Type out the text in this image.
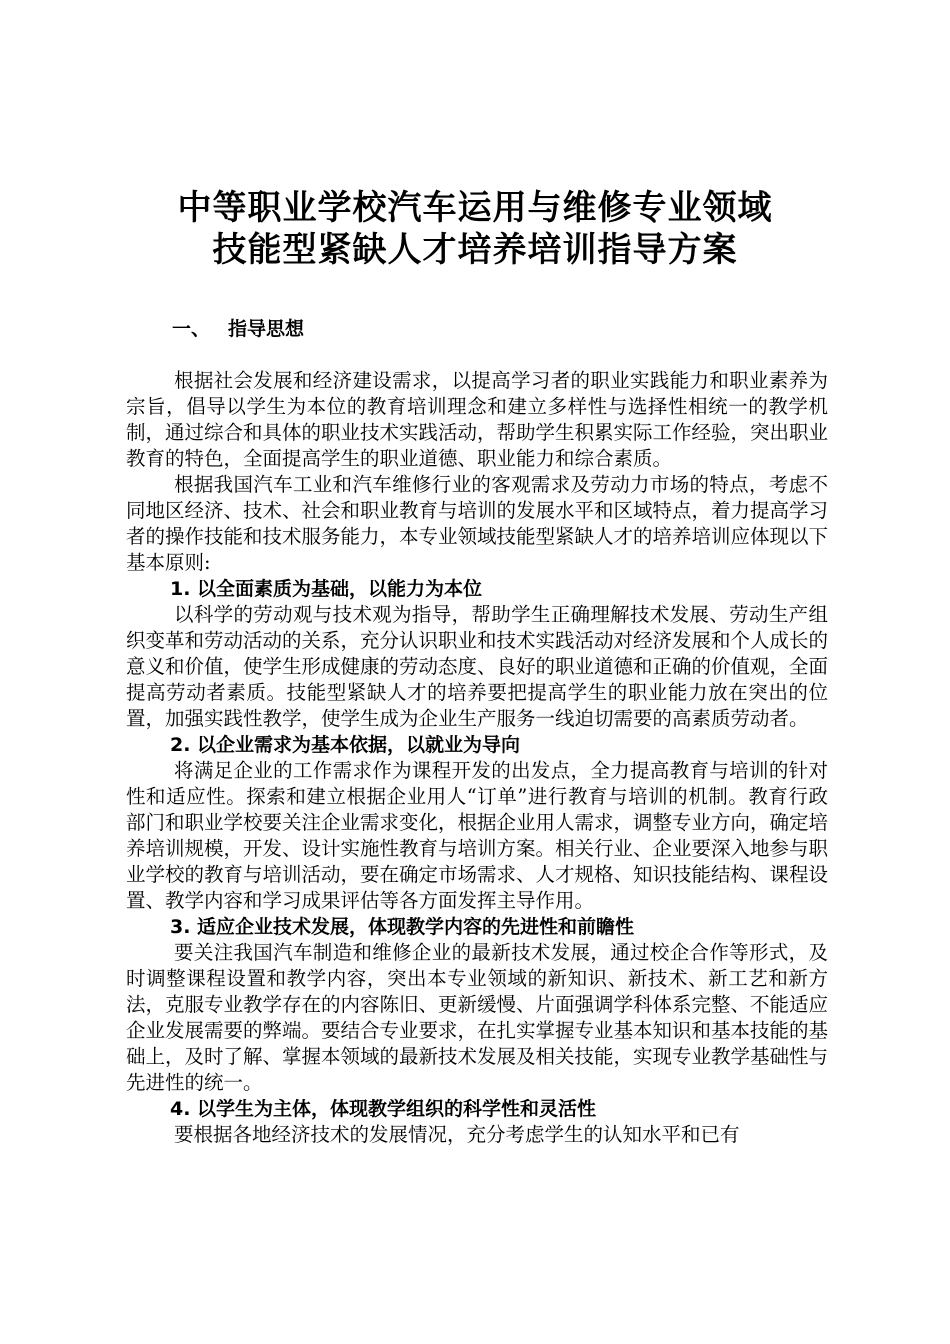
中等职业学校汽车运用与维修专业领域
技能型紧缺人才培养培训指导方案
一、 指导思想

根据社会发展和经济建设需求，以提高学习者的职业实践能力和职业素养为宗旨，倡导以学生为本位的教育培训理念和建立多样性与选择性相统一的教学机制，通过综合和具体的职业技术实践活动，帮助学生积累实际工作经验，突出职业教育的特色，全面提高学生的职业道德、职业能力和综合素质。

根据我国汽车工业和汽车维修行业的客观需求及劳动力市场的特点，考虑不同地区经济、技术、社会和职业教育与培训的发展水平和区域特点，着力提高学习者的操作技能和技术服务能力，本专业领域技能型紧缺人才的培养培训应体现以下基本原则:

1. 以全面素质为基础，以能力为本位

以科学的劳动观与技术观为指导，帮助学生正确理解技术发展、劳动生产组织变革和劳动活动的关系，充分认识职业和技术实践活动对经济发展和个人成长的意义和价值，使学生形成健康的劳动态度、良好的职业道德和正确的价值观，全面提高劳动者素质。技能型紧缺人才的培养要把提高学生的职业能力放在突出的位置，加强实践性教学，使学生成为企业生产服务一线迫切需要的高素质劳动者。

2. 以企业需求为基本依据，以就业为导向

将满足企业的工作需求作为课程开发的出发点，全力提高教育与培训的针对性和适应性。探索和建立根据企业用人“订单”进行教育与培训的机制。教育行政部门和职业学校要关注企业需求变化，根据企业用人需求，调整专业方向，确定培养培训规模，开发、设计实施性教育与培训方案。相关行业、企业要深入地参与职业学校的教育与培训活动，要在确定市场需求、人才规格、知识技能结构、课程设置、教学内容和学习成果评估等各方面发挥主导作用。

3. 适应企业技术发展，体现教学内容的先进性和前瞻性

要关注我国汽车制造和维修企业的最新技术发展，通过校企合作等形式，及时调整课程设置和教学内容，突出本专业领域的新知识、新技术、新工艺和新方法，克服专业教学存在的内容陈旧、更新缓慢、片面强调学科体系完整、不能适应企业发展需要的弊端。要结合专业要求，在扎实掌握专业基本知识和基本技能的基础上，及时了解、掌握本领域的最新技术发展及相关技能，实现专业教学基础性与先进性的统一。

4. 以学生为主体，体现教学组织的科学性和灵活性

要根据各地经济技术的发展情况，充分考虑学生的认知水平和已有
